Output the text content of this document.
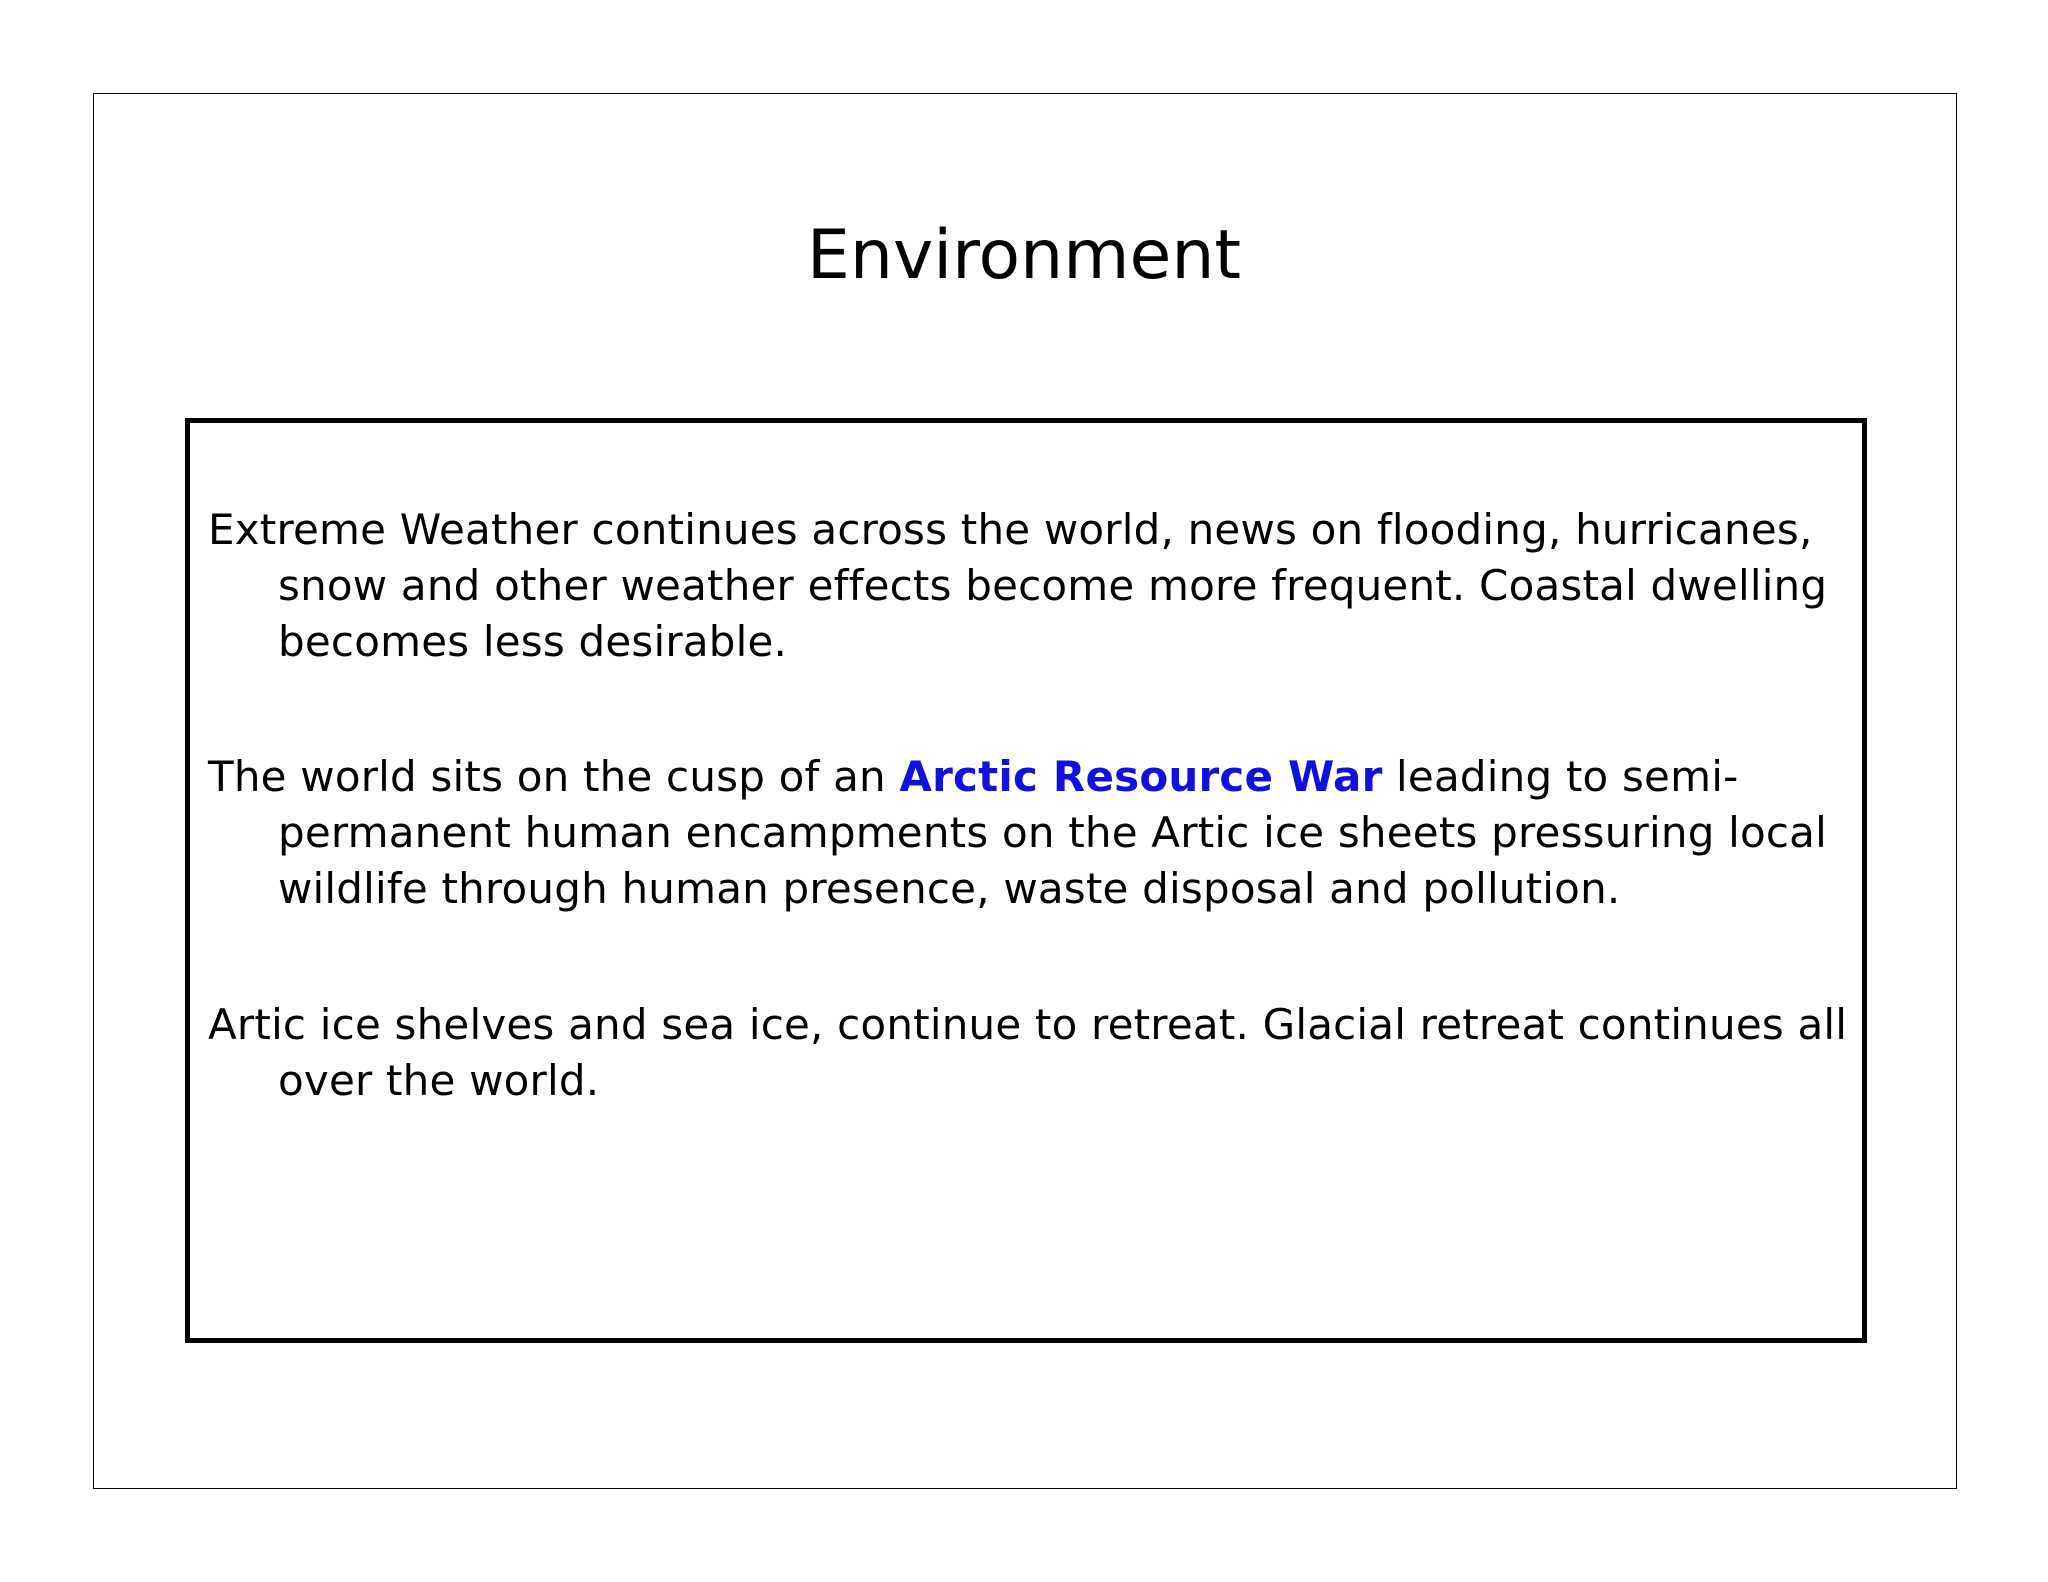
Environment

Extreme Weather continues across the world, news on flooding, hurricanes, snow and other weather effects become more frequent. Coastal dwelling becomes less desirable.

The world sits on the cusp of an Arctic Resource War leading to semi-permanent human encampments on the Artic ice sheets pressuring local wildlife through human presence, waste disposal and pollution.

Artic ice shelves and sea ice, continue to retreat. Glacial retreat continues all over the world.
